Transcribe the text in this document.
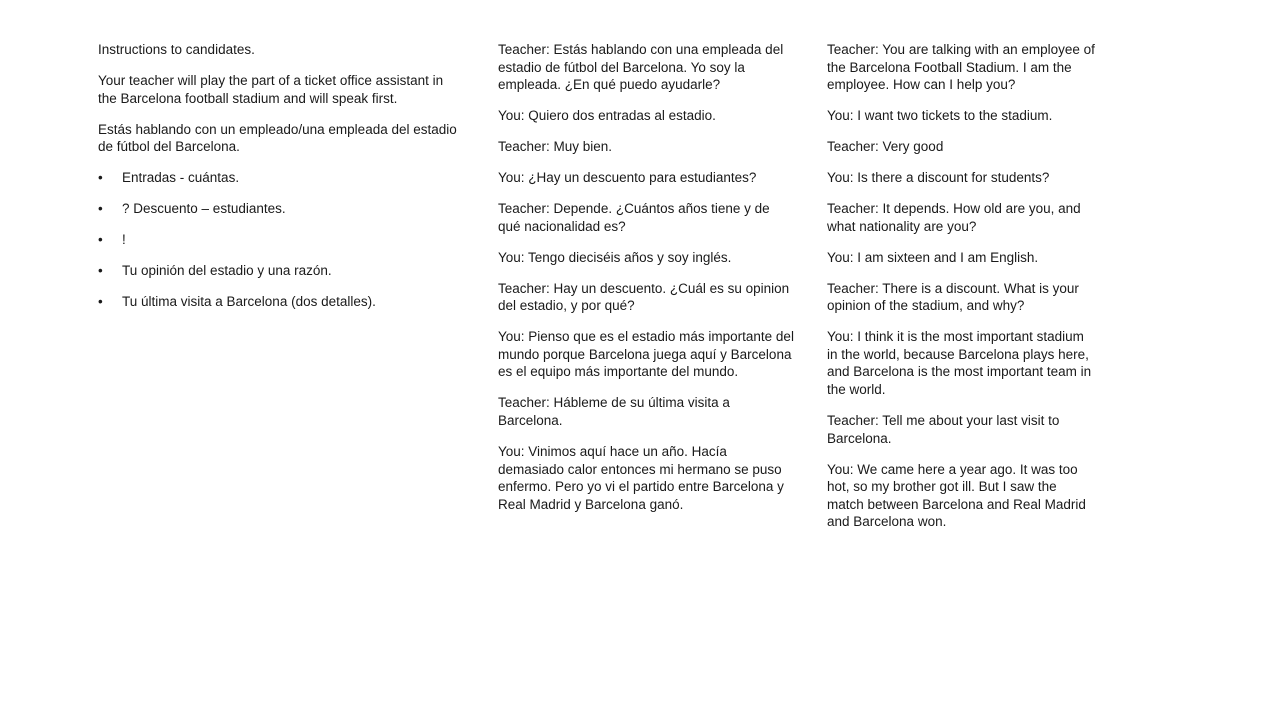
Instructions to candidates.

Your teacher will play the part of a ticket office assistant in the Barcelona football stadium and will speak first.

Estás hablando con un empleado/una empleada del estadio de fútbol del Barcelona.

• Entradas - cuántas.
• ? Descuento – estudiantes.
• !
• Tu opinión del estadio y una razón.
• Tu última visita a Barcelona (dos detalles).

Teacher: Estás hablando con una empleada del estadio de fútbol del Barcelona. Yo soy la empleada. ¿En qué puedo ayudarle?

You: Quiero dos entradas al estadio.

Teacher: Muy bien.

You: ¿Hay un descuento para estudiantes?

Teacher: Depende. ¿Cuántos años tiene y de qué nacionalidad es?

You: Tengo dieciséis años y soy inglés.

Teacher: Hay un descuento. ¿Cuál es su opinion del estadio, y por qué?

You: Pienso que es el estadio más importante del mundo porque Barcelona juega aquí y Barcelona es el equipo más importante del mundo.

Teacher: Hábleme de su última visita a Barcelona.

You: Vinimos aquí hace un año. Hacía demasiado calor entonces mi hermano se puso enfermo. Pero yo vi el partido entre Barcelona y Real Madrid y Barcelona ganó.

Teacher: You are talking with an employee of the Barcelona Football Stadium. I am the employee. How can I help you?

You: I want two tickets to the stadium.

Teacher: Very good

You: Is there a discount for students?

Teacher: It depends. How old are you, and what nationality are you?

You: I am sixteen and I am English.

Teacher: There is a discount. What is your opinion of the stadium, and why?

You: I think it is the most important stadium in the world, because Barcelona plays here, and Barcelona is the most important team in the world.

Teacher: Tell me about your last visit to Barcelona.

You: We came here a year ago. It was too hot, so my brother got ill. But I saw the match between Barcelona and Real Madrid and Barcelona won.
